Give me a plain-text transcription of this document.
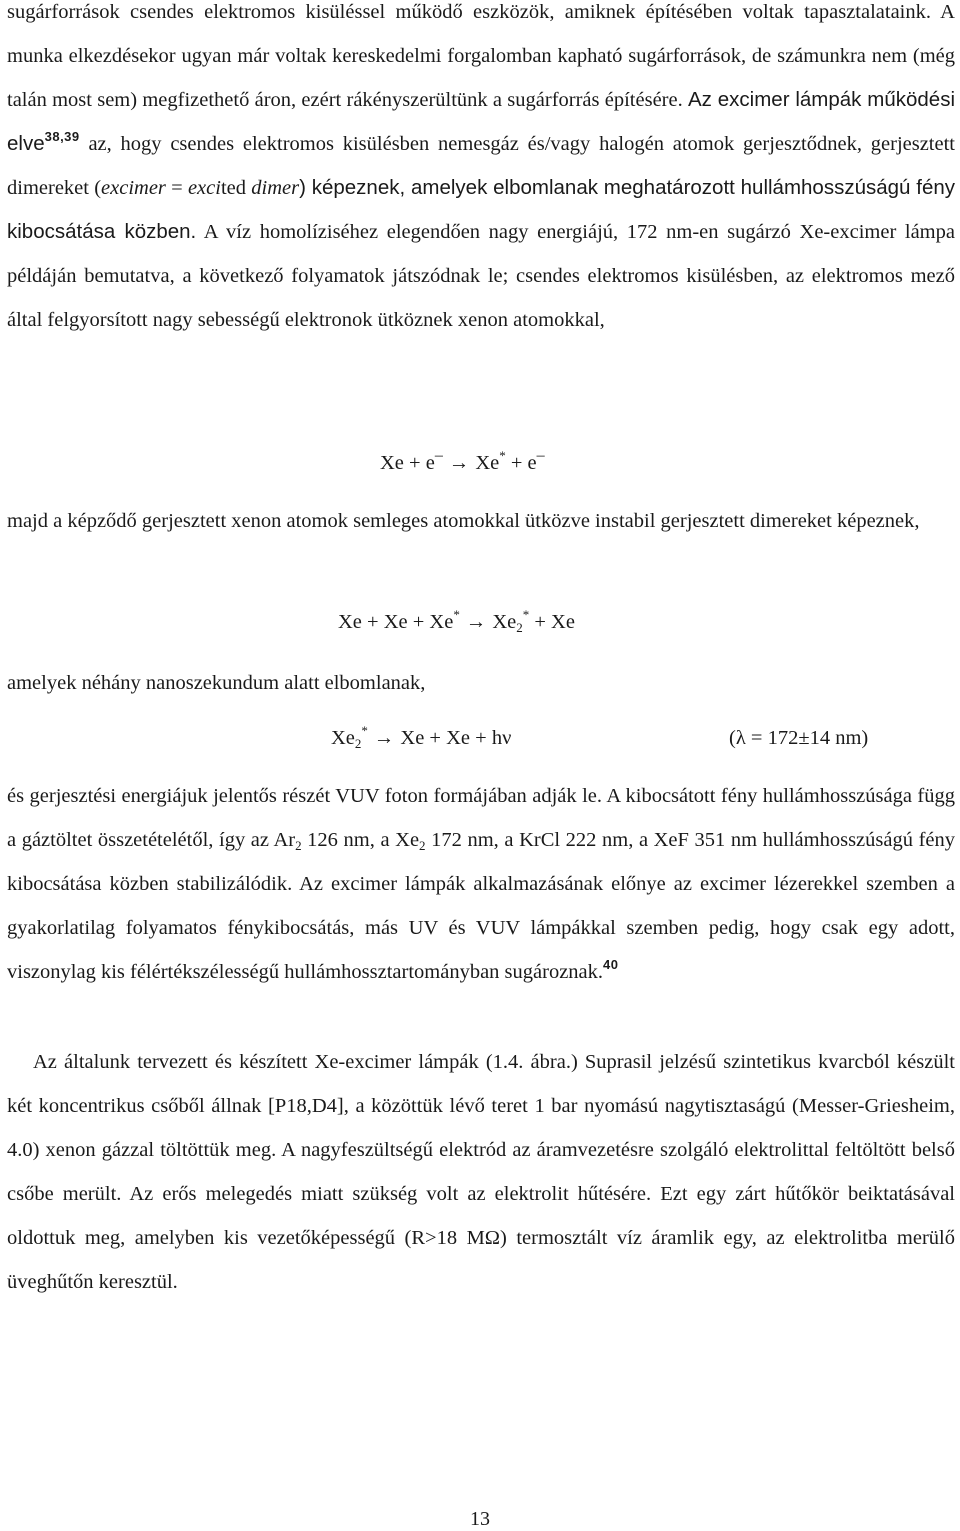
sugárforrások csendes elektromos kisüléssel működő eszközök, amiknek építésében voltak tapasztalataink. A munka elkezdésekor ugyan már voltak kereskedelmi forgalomban kapható sugárforrások, de számunkra nem (még talán most sem) megfizethető áron, ezért rákényszerültünk a sugárforrás építésére. Az excimer lámpák működési elve$^{38,39}$ az, hogy csendes elektromos kisülésben nemesgáz és/vagy halogén atomok gerjesztődnek, gerjesztett dimereket (excimer = excited dimer) képeznek, amelyek elbomlanak meghatározott hullámhosszúságú fény kibocsátása közben. A víz homolíziséhez elegendően nagy energiájú, 172 nm-en sugárzó Xe-excimer lámpa példáján bemutatva, a következő folyamatok játszódnak le; csendes elektromos kisülésben, az elektromos mező által felgyorsított nagy sebességű elektronok ütköznek xenon atomokkal,

Xe + e– → Xe* + e–

majd a képződő gerjesztett xenon atomok semleges atomokkal ütközve instabil gerjesztett dimereket képeznek,

$Xe + Xe + Xe^* \to Xe_2^* + Xe$

amelyek néhány nanoszekundum alatt elbomlanak,

$Xe_2^* \to Xe + Xe + h\nu$	(λ = 172±14 nm)

és gerjesztési energiájuk jelentős részét VUV foton formájában adják le. A kibocsátott fény hullámhosszúsága függ a gáztöltet összetételétől, így az $Ar_2$ 126 nm, a $Xe_2$ 172 nm, a KrCl 222 nm, a XeF 351 nm hullámhosszúságú fény kibocsátása közben stabilizálódik. Az excimer lámpák alkalmazásának előnye az excimer lézerekkel szemben a gyakorlatilag folyamatos fénykibocsátás, más UV és VUV lámpákkal szemben pedig, hogy csak egy adott, viszonylag kis félértékszélességű hullámhossztartományban sugároznak.$^{40}$

Az általunk tervezett és készített Xe-excimer lámpák (1.4. ábra.) Suprasil jelzésű szintetikus kvarcból készült két koncentrikus csőből állnak [P18,D4], a közöttük lévő teret 1 bar nyomású nagytisztaságú (Messer-Griesheim, 4.0) xenon gázzal töltöttük meg. A nagyfeszültségű elektród az áramvezetésre szolgáló elektrolittal feltöltött belső csőbe merült. Az erős melegedés miatt szükség volt az elektrolit hűtésére. Ezt egy zárt hűtőkör beiktatásával oldottuk meg, amelyben kis vezetőképességű (R>18 MΩ) termosztált víz áramlik egy, az elektrolitba merülő üveghűtőn keresztül.

13
